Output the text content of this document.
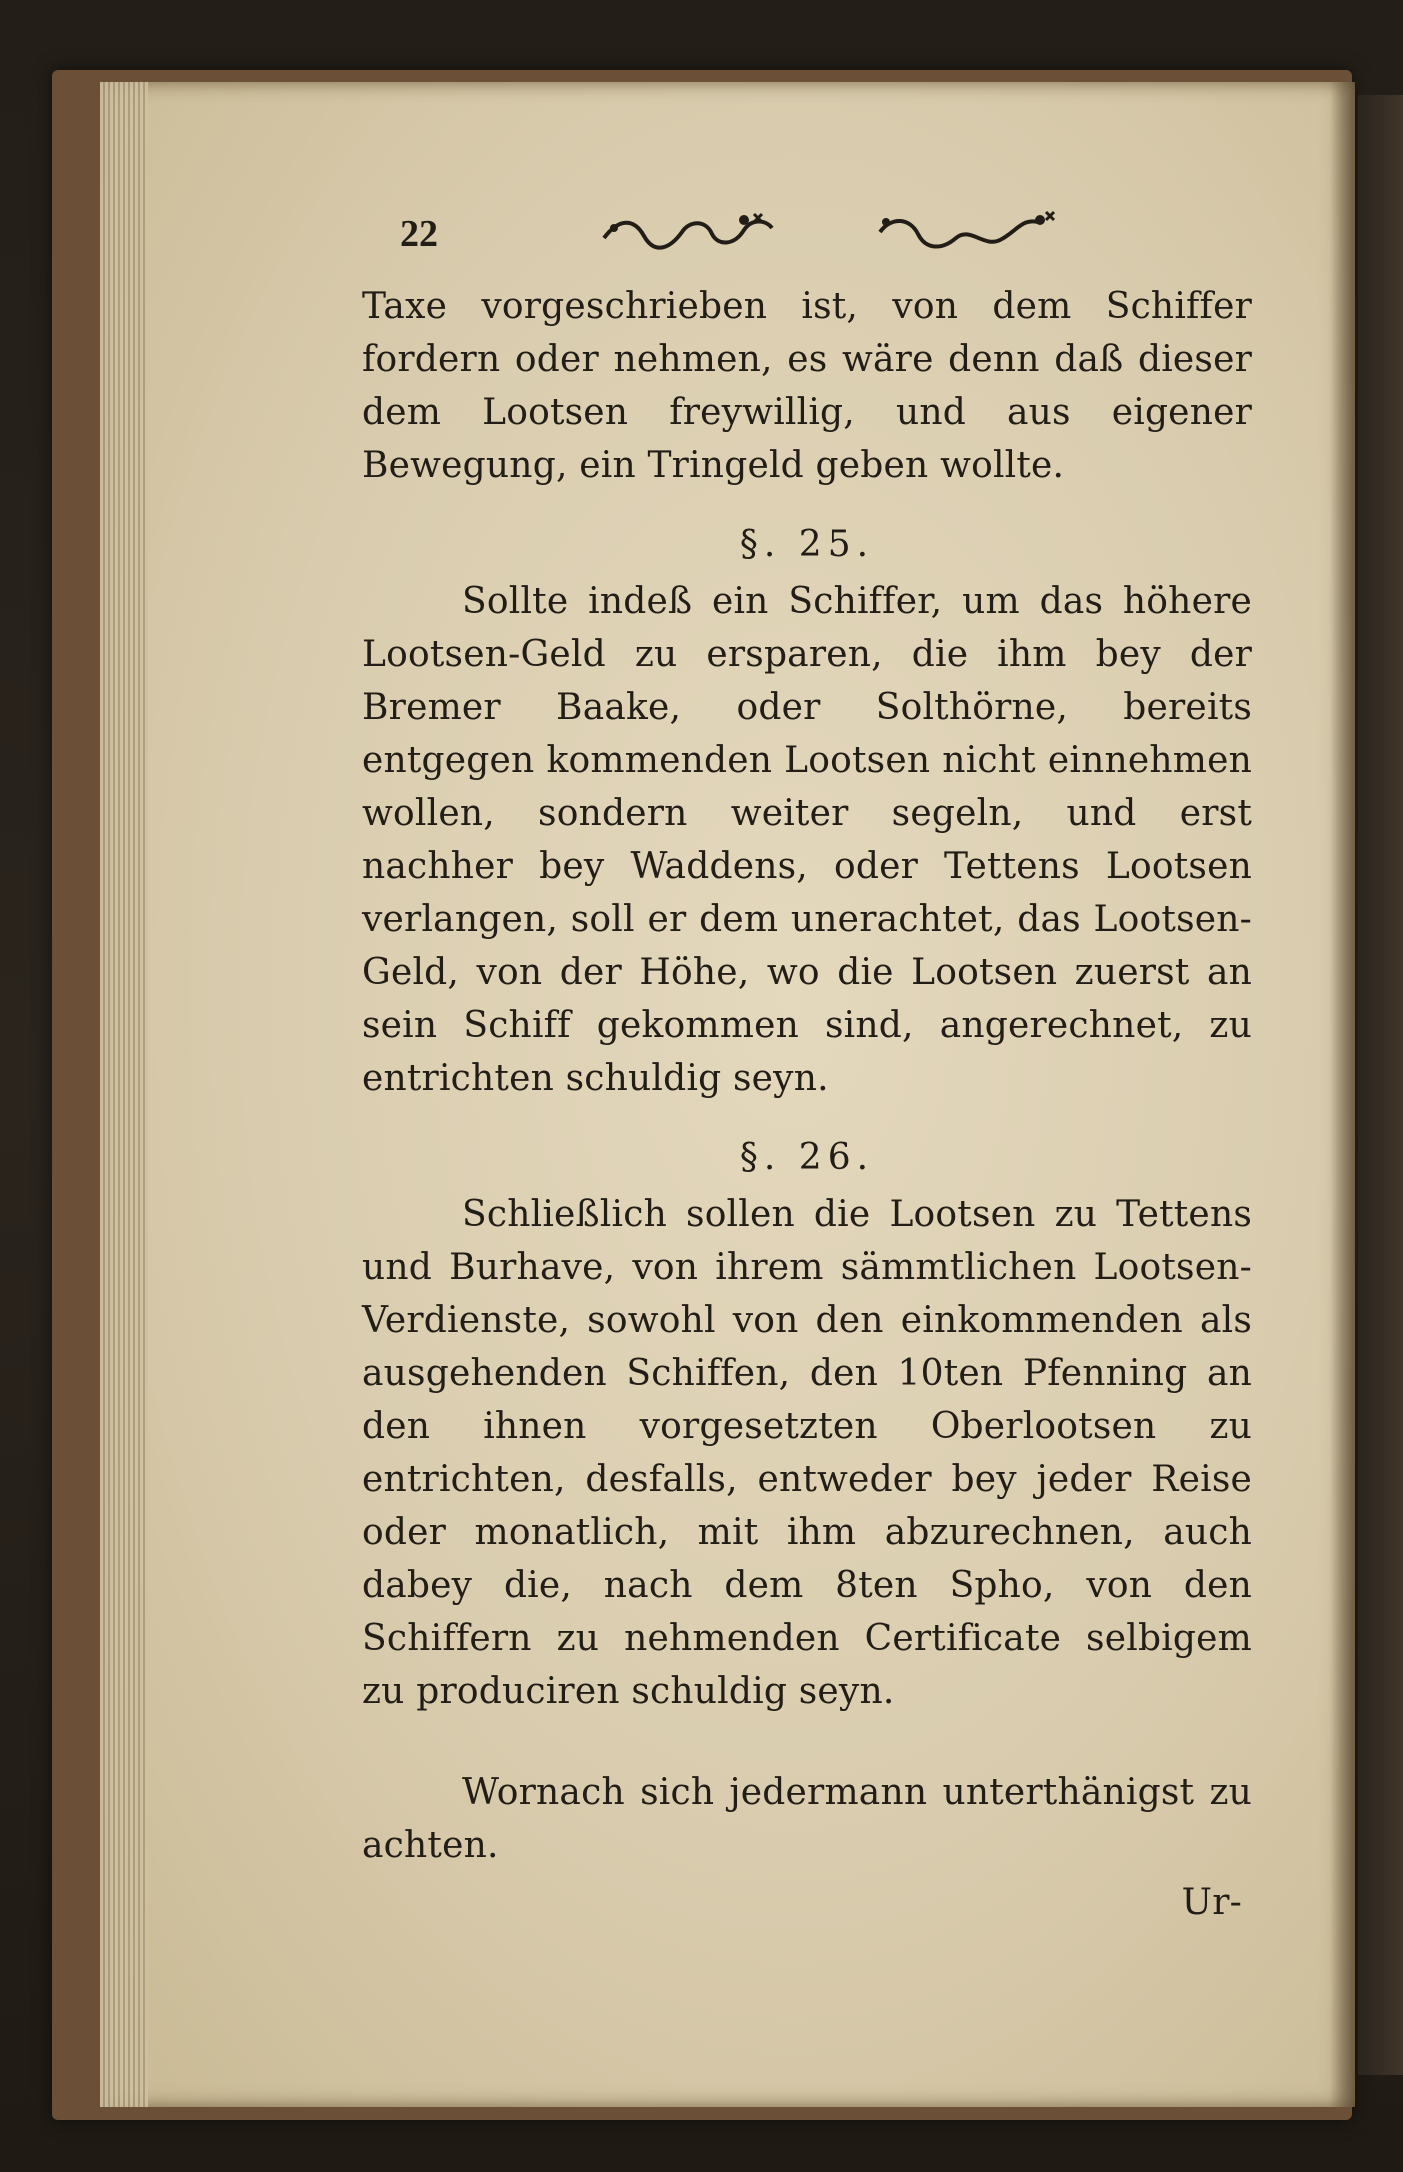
22

Taxe vorgeschrieben ist, von dem Schiffer fordern oder nehmen, es wäre denn daß dieser dem Lootsen freywillig, und aus eigener Bewegung, ein Tringeld geben wollte.

§. 25.

Sollte indeß ein Schiffer, um das höhere Lootsen-Geld zu ersparen, die ihm bey der Bremer Baake, oder Solthörne, bereits entgegen kommenden Lootsen nicht einnehmen wollen, sondern weiter segeln, und erst nachher bey Waddens, oder Tettens Lootsen verlangen, soll er dem unerachtet, das Lootsen-Geld, von der Höhe, wo die Lootsen zuerst an sein Schiff gekommen sind, angerechnet, zu entrichten schuldig seyn.

§. 26.

Schließlich sollen die Lootsen zu Tettens und Burhave, von ihrem sämmtlichen Lootsen-Verdienste, sowohl von den einkommenden als ausgehenden Schiffen, den 10ten Pfenning an den ihnen vorgesetzten Oberlootsen zu entrichten, desfalls, entweder bey jeder Reise oder monatlich, mit ihm abzurechnen, auch dabey die, nach dem 8ten Spho, von den Schiffern zu nehmenden Certificate selbigem zu produciren schuldig seyn.

Wornach sich jedermann unterthänigst zu achten.

Ur-
